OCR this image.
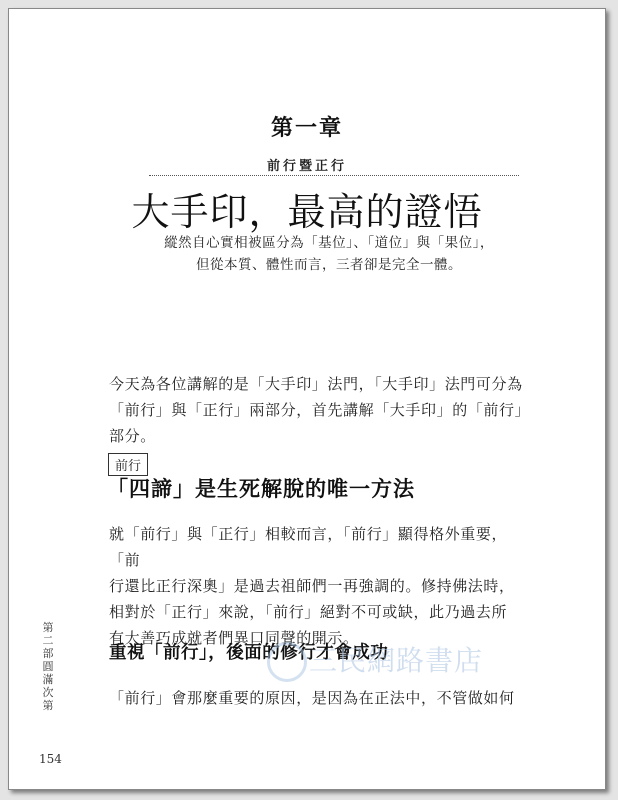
第一章
前行暨正行
大手印，最高的證悟
縱然自心實相被區分為「基位」、「道位」與「果位」，
但從本質、體性而言，三者卻是完全一體。
今天為各位講解的是「大手印」法門，「大手印」法門可分為
「前行」與「正行」兩部分，首先講解「大手印」的「前行」部分。
前行
「四諦」是生死解脫的唯一方法
就「前行」與「正行」相較而言，「前行」顯得格外重要，「前
行還比正行深奧」是過去祖師們一再強調的。修持佛法時，
相對於「正行」來說，「前行」絕對不可或缺，此乃過去所
有大善巧成就者們異口同聲的開示。
重視「前行」，後面的修行才會成功
「前行」會那麼重要的原因，是因為在正法中，不管做如何
三民網路書店
第二部　圓滿次第
154
